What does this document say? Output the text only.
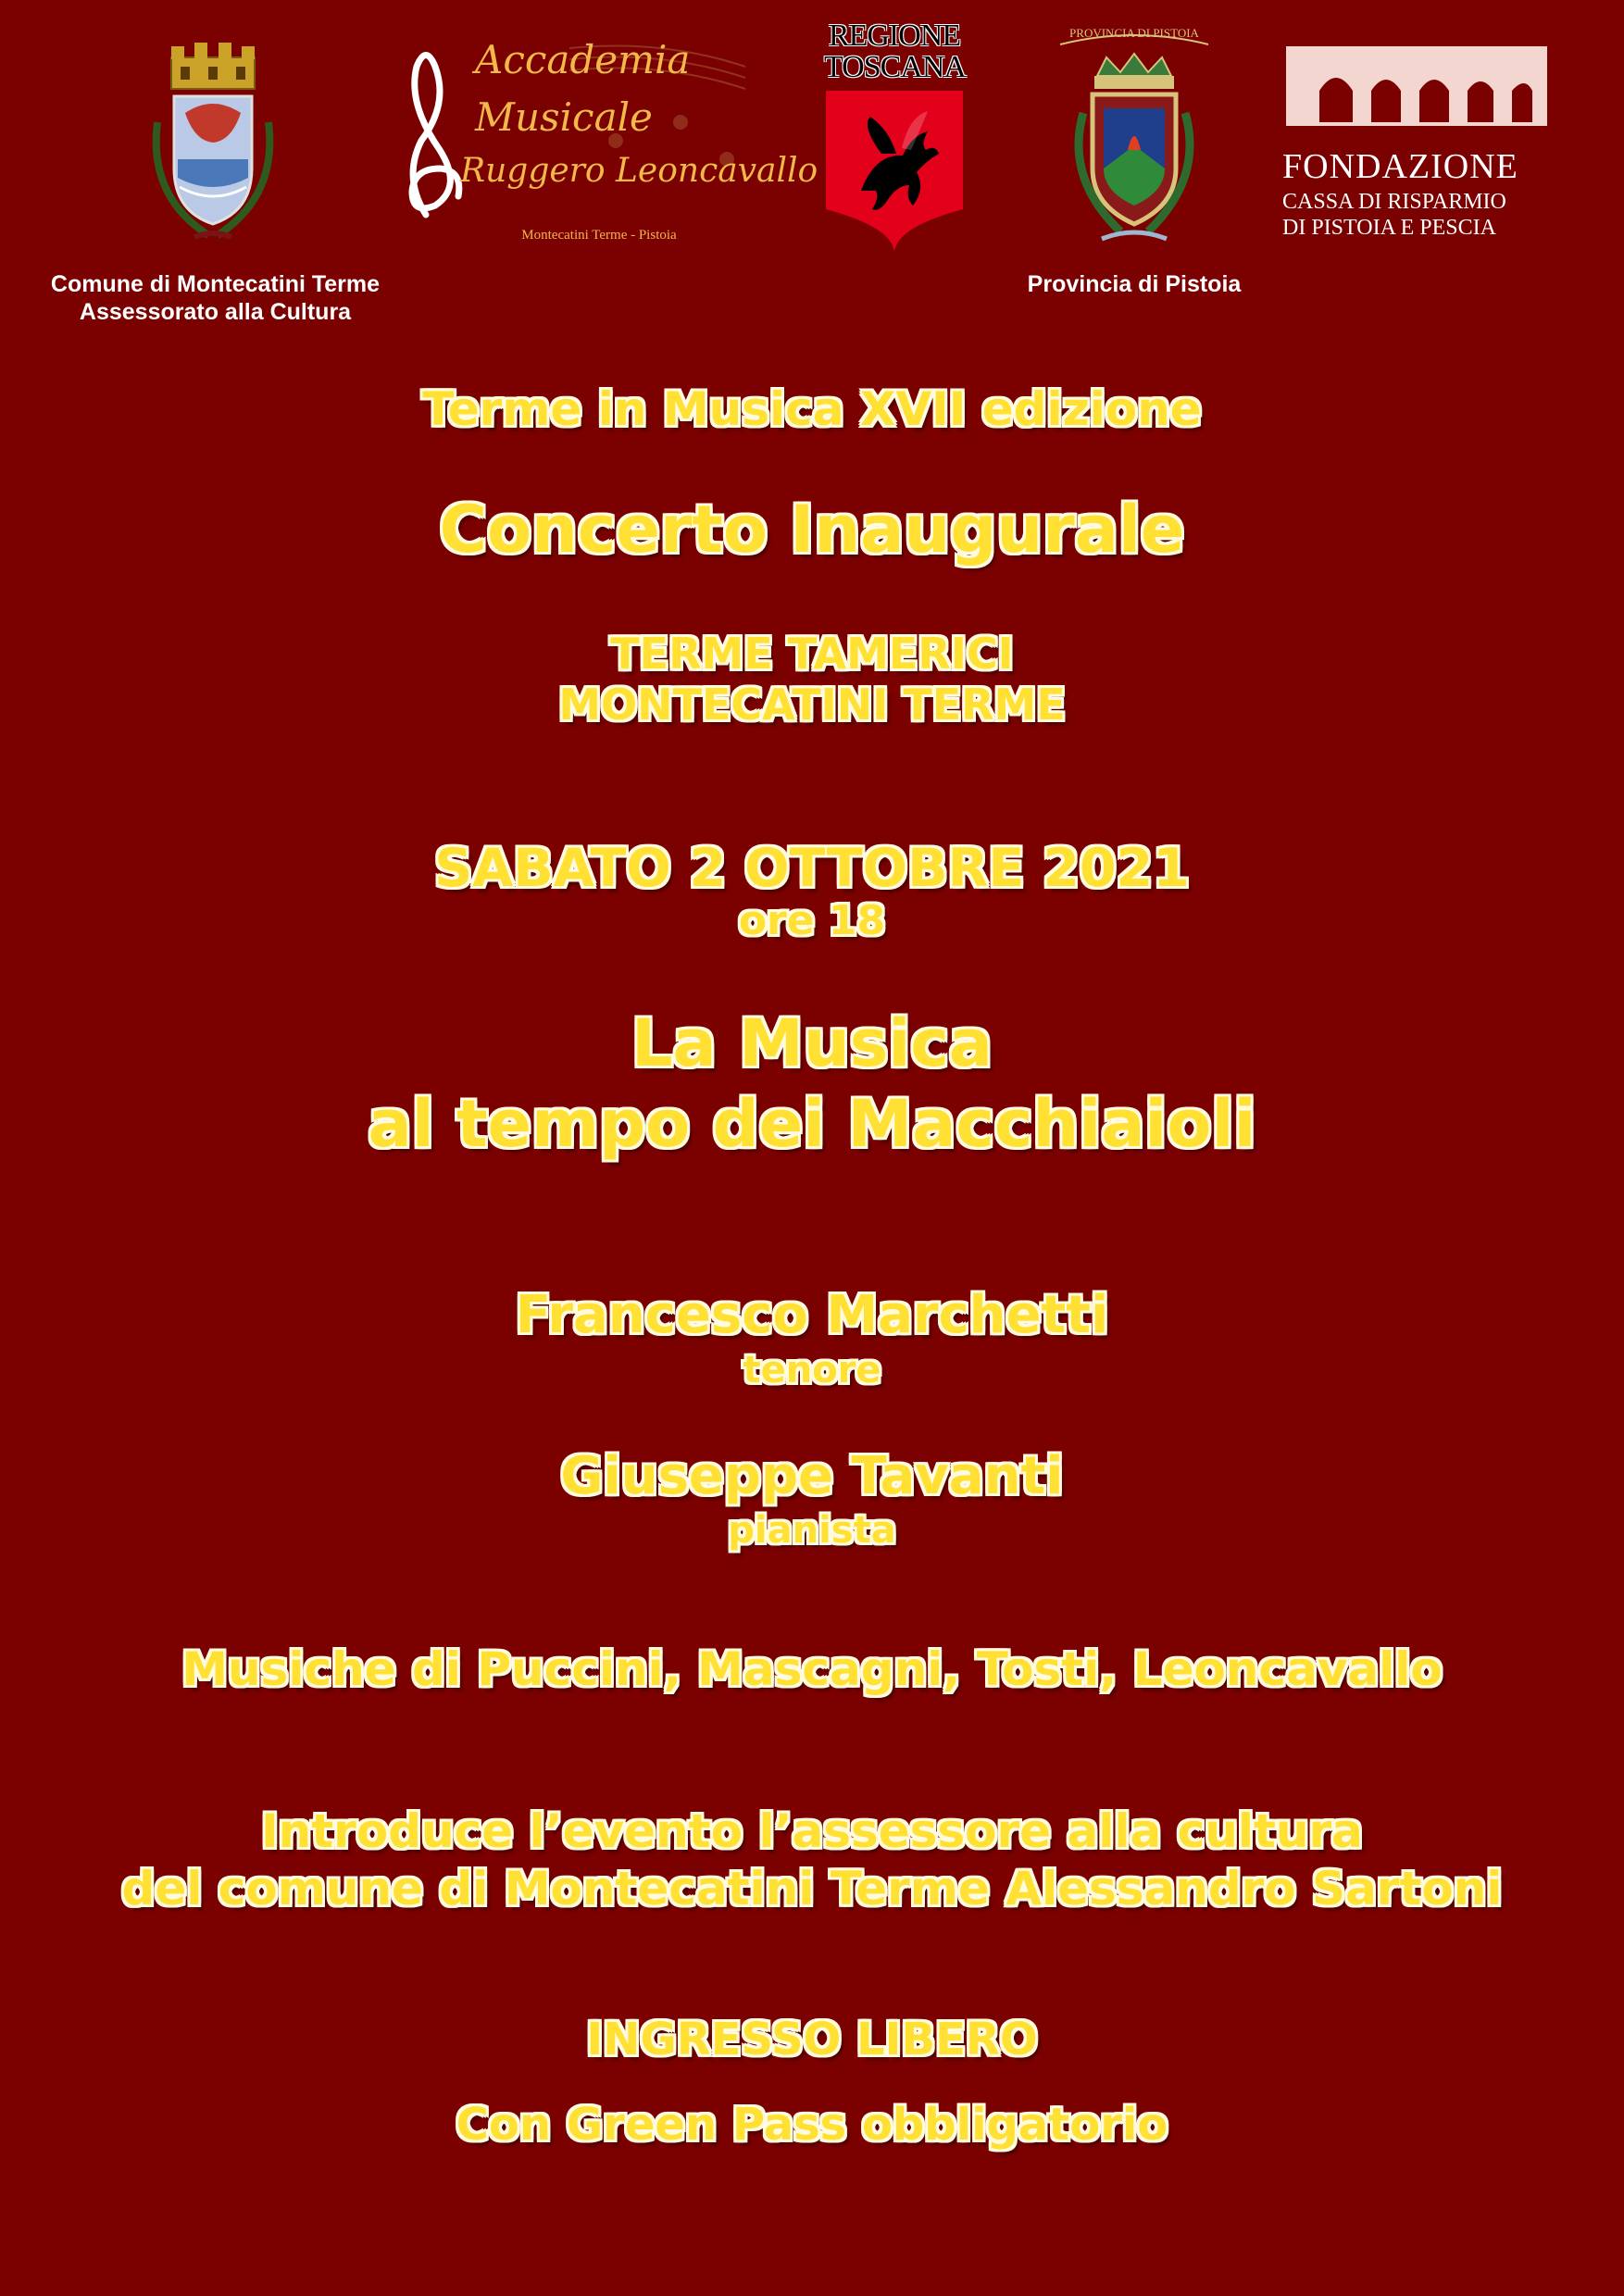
Comune di Montecatini Terme
Assessorato alla Cultura
Accademia
Musicale
Ruggero Leoncavallo
Montecatini Terme - Pistoia
REGIONE
TOSCANA
PROVINCIA DI PISTOIA
Provincia di Pistoia
FONDAZIONE
CASSA DI RISPARMIO
DI PISTOIA E PESCIA
Terme in Musica XVII edizione
Concerto Inaugurale
TERME TAMERICI
MONTECATINI TERME
SABATO 2 OTTOBRE 2021
ore 18
La Musica
al tempo dei Macchiaioli
Francesco Marchetti
tenore
Giuseppe Tavanti
pianista
Musiche di Puccini, Mascagni, Tosti, Leoncavallo
Introduce l’evento l’assessore alla cultura
del comune di Montecatini Terme Alessandro Sartoni
INGRESSO LIBERO
Con Green Pass obbligatorio
